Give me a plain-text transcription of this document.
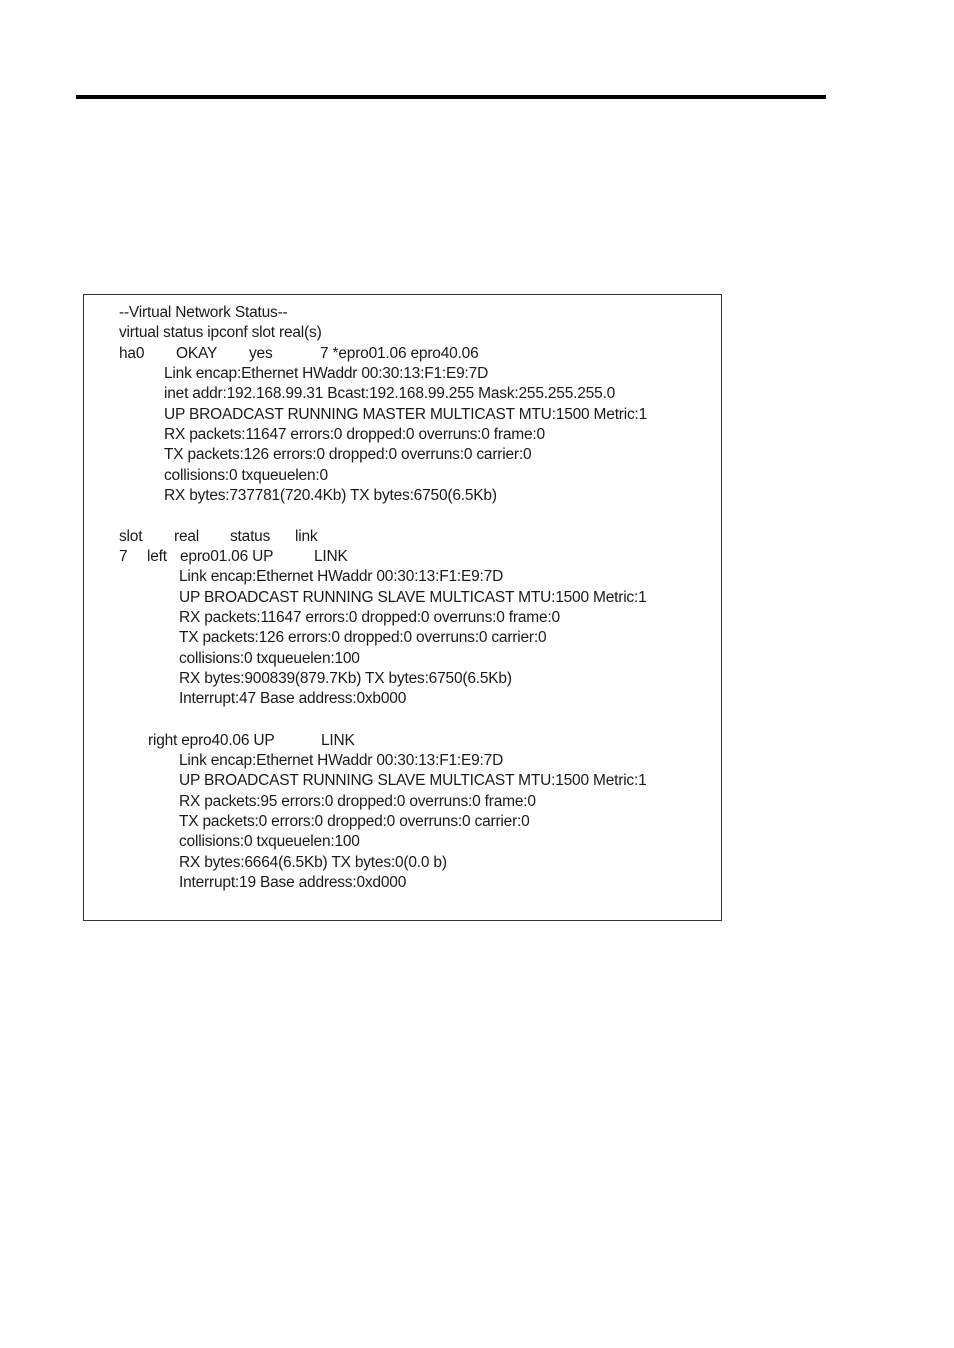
--Virtual Network Status--
virtual status ipconf slot real(s)
ha0 OKAY yes	7 *epro01.06 epro40.06
Link encap:Ethernet HWaddr 00:30:13:F1:E9:7D
inet addr:192.168.99.31 Bcast:192.168.99.255 Mask:255.255.255.0
UP BROADCAST RUNNING MASTER MULTICAST MTU:1500 Metric:1
RX packets:11647 errors:0 dropped:0 overruns:0 frame:0
TX packets:126 errors:0 dropped:0 overruns:0 carrier:0
collisions:0 txqueuelen:0
RX bytes:737781(720.4Kb) TX bytes:6750(6.5Kb)
slot real status link
7 left epro01.06 UP	LINK
Link encap:Ethernet HWaddr 00:30:13:F1:E9:7D
UP BROADCAST RUNNING SLAVE MULTICAST MTU:1500 Metric:1
RX packets:11647 errors:0 dropped:0 overruns:0 frame:0
TX packets:126 errors:0 dropped:0 overruns:0 carrier:0
collisions:0 txqueuelen:100
RX bytes:900839(879.7Kb) TX bytes:6750(6.5Kb)
Interrupt:47 Base address:0xb000
right epro40.06 UP	LINK
Link encap:Ethernet HWaddr 00:30:13:F1:E9:7D
UP BROADCAST RUNNING SLAVE MULTICAST MTU:1500 Metric:1
RX packets:95 errors:0 dropped:0 overruns:0 frame:0
TX packets:0 errors:0 dropped:0 overruns:0 carrier:0
collisions:0 txqueuelen:100
RX bytes:6664(6.5Kb) TX bytes:0(0.0 b)
Interrupt:19 Base address:0xd000
